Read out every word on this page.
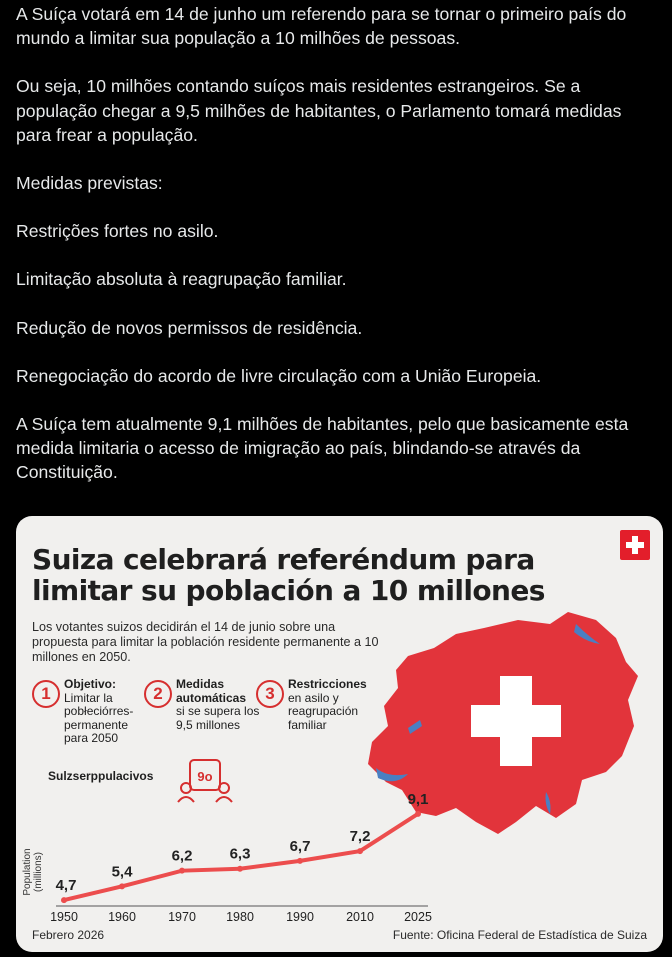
A Suíça votará em 14 de junho um referendo para se tornar o primeiro país do mundo a limitar sua população a 10 milhões de pessoas.

Ou seja, 10 milhões contando suíços mais residentes estrangeiros. Se a população chegar a 9,5 milhões de habitantes, o Parlamento tomará medidas para frear a população.

Medidas previstas:

Restrições fortes no asilo.

Limitação absoluta à reagrupação familiar.

Redução de novos permissos de residência.

Renegociação do acordo de livre circulação com a União Europeia.

A Suíça tem atualmente 9,1 milhões de habitantes, pelo que basicamente esta medida limitaria o acesso de imigração ao país, blindando-se através da Constituição.

Suiza celebrará referéndum para
limitar su población a 10 millones
Los votantes suizos decidirán el 14 de junio sobre una propuesta para limitar la población residente permanente a 10 millones en 2050.
1	Objetivo:
Limitar la
pobłeciórres-
permanente
para 2050
2	Medidas
automáticas
si se supera los
9,5 millones
3	Restricciones
en asilo y
reagrupación
familiar
Sulzserppulacivos	9o
Population (millions) 4,7
1950
5,4
1960
6,2
1970
6,3
1980
6,7
1990
7,2
2010
9,1
2025
Febrero 2026	Fuente: Oficina Federal de Estadística de Suiza
